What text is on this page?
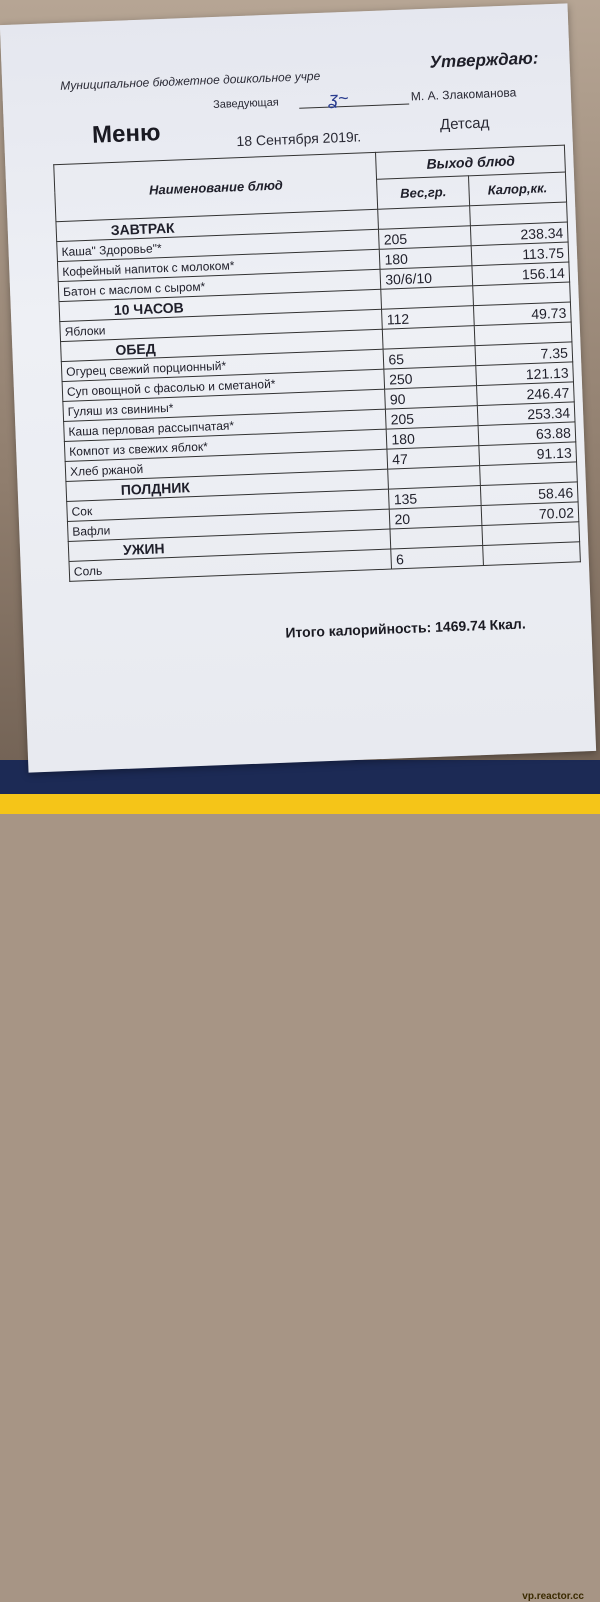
vp.reactor.cc
Муниципальное бюджетное дошкольное учре
Утверждаю:
Заведующая	ʓ~	М. А. Злакоманова
Меню	18 Сентября 2019г.
Детсад
Наименование блюд	Выход блюд	
	Вес,гр.	Калор,кк.
ЗАВТРАК		
Каша" Здоровье"*	205	238.34
Кофейный напиток с молоком*	180	113.75
Батон с маслом с сыром*	30/6/10	156.14
10 ЧАСОВ		
Яблоки	112	49.73
ОБЕД		
Огурец свежий порционный*	65	7.35
Суп овощной с фасолью и сметаной*	250	121.13
Гуляш из свинины*	90	246.47
Каша перловая рассыпчатая*	205	253.34
Компот из свежих яблок*	180	63.88
Хлеб ржаной	47	91.13
ПОЛДНИК		
Сок	135	58.46
Вафли	20	70.02
УЖИН		
Соль	6	
Итого калорийность: 1469.74 Ккал.
